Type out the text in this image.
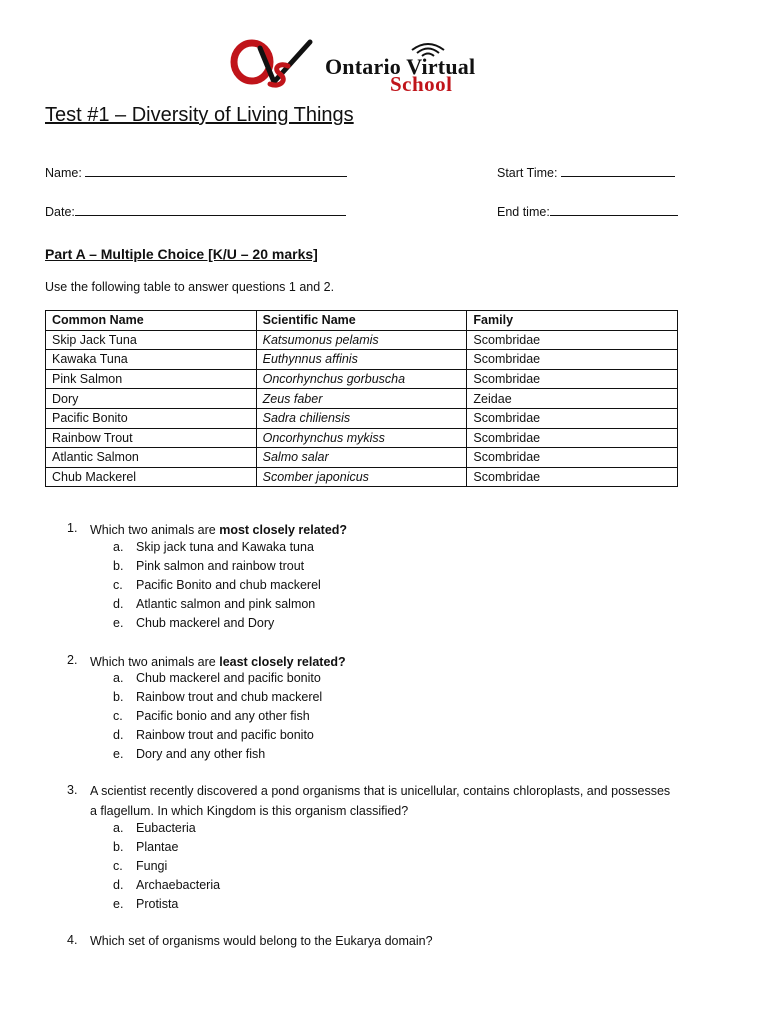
Ontario Virtual
School
Test #1 – Diversity of Living Things
Name:	Start Time:
Date:	End time:
Part A – Multiple Choice [K/U – 20 marks]
Use the following table to answer questions 1 and 2.
Common Name	Scientific Name	Family
Skip Jack Tuna	Katsumonus pelamis	Scombridae
Kawaka Tuna	Euthynnus affinis	Scombridae
Pink Salmon	Oncorhynchus gorbuscha	Scombridae
Dory	Zeus faber	Zeidae
Pacific Bonito	Sadra chiliensis	Scombridae
Rainbow Trout	Oncorhynchus mykiss	Scombridae
Atlantic Salmon	Salmo salar	Scombridae
Chub Mackerel	Scomber japonicus	Scombridae
1. Which two animals are most closely related?
a. Skip jack tuna and Kawaka tuna
b. Pink salmon and rainbow trout
c. Pacific Bonito and chub mackerel
d. Atlantic salmon and pink salmon
e. Chub mackerel and Dory
2. Which two animals are least closely related?
a. Chub mackerel and pacific bonito
b. Rainbow trout and chub mackerel
c. Pacific bonio and any other fish
d. Rainbow trout and pacific bonito
e. Dory and any other fish
3. A scientist recently discovered a pond organisms that is unicellular, contains chloroplasts, and possesses a flagellum. In which Kingdom is this organism classified?
a. Eubacteria
b. Plantae
c. Fungi
d. Archaebacteria
e. Protista
4. Which set of organisms would belong to the Eukarya domain?
